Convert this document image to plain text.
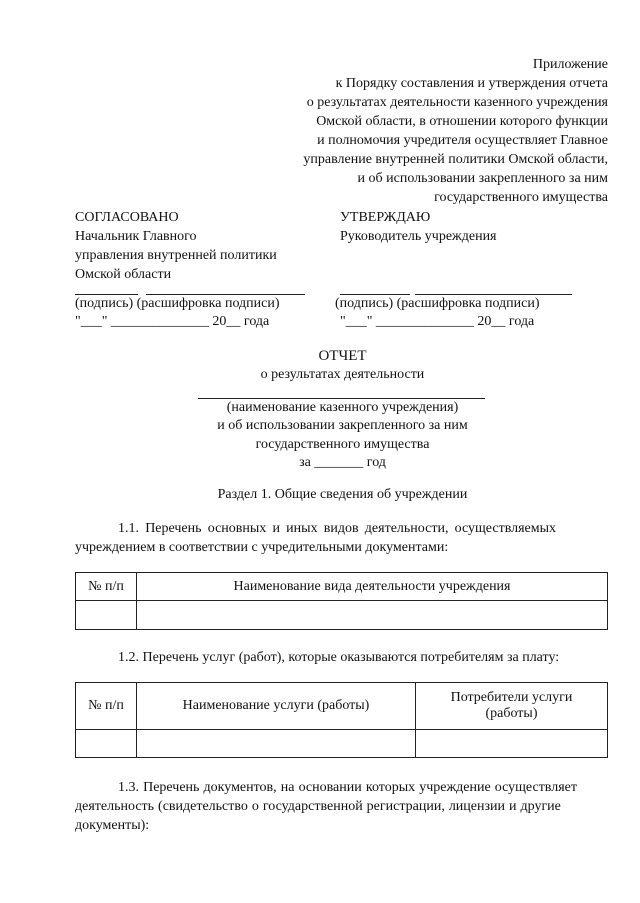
Приложение
к Порядку составления и утверждения отчета
о результатах деятельности казенного учреждения
Омской области, в отношении которого функции
и полномочия учредителя осуществляет Главное
управление внутренней политики Омской области,
и об использовании закрепленного за ним
государственного имущества
СОГЛАСОВАНО
Начальник Главного
управления внутренней политики
Омской области
(подпись) (расшифровка подписи)
"___" ______________ 20__ года
УТВЕРЖДАЮ
Руководитель учреждения
(подпись) (расшифровка подписи)
"___" ______________ 20__ года
ОТЧЕТ
о результатах деятельности
(наименование казенного учреждения)
и об использовании закрепленного за ним
государственного имущества
за _______ год
Раздел 1. Общие сведения об учреждении
1.1. Перечень основных и иных видов деятельности, осуществляемых
учреждением в соответствии с учредительными документами:
№ п/п	Наименование вида деятельности учреждения

1.2. Перечень услуг (работ), которые оказываются потребителям за плату:
№ п/п	Наименование услуги (работы)	Потребители услуги (работы)

1.3. Перечень документов, на основании которых учреждение осуществляет
деятельность (свидетельство о государственной регистрации, лицензии и другие
документы):
